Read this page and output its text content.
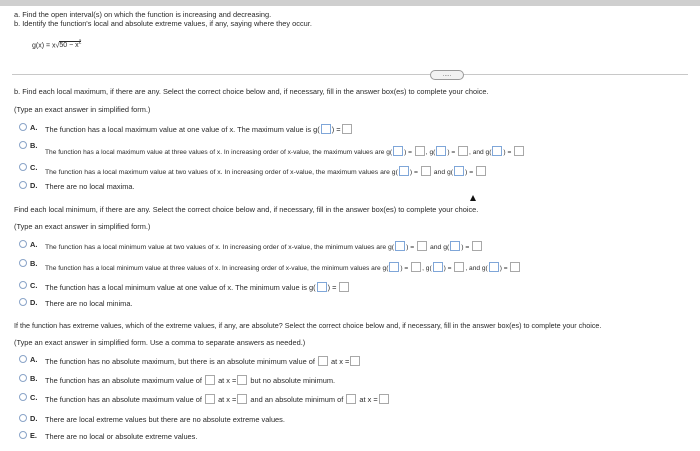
a. Find the open interval(s) on which the function is increasing and decreasing.
b. Identify the function's local and absolute extreme values, if any, saying where they occur.
$g(x) = x√50 - x^2$
.....
b. Find each local maximum, if there are any. Select the correct choice below and, if necessary, fill in the answer box(es) to complete your choice.
(Type an exact answer in simplified form.)
A. The function has a local maximum value at one value of x. The maximum value is g( ) =
B.
The function has a local maximum value at three values of x. In increasing order of x-value, the maximum values are g( ) = , g( ) = , and g( ) =
C.
The function has a local maximum value at two values of x. In increasing order of x-value, the maximum values are g( ) =  and g( ) =
D. There are no local maxima.
Find each local minimum, if there are any. Select the correct choice below and, if necessary, fill in the answer box(es) to complete your choice.
(Type an exact answer in simplified form.)
A. The function has a local minimum value at two values of x. In increasing order of x-value, the minimum values are g( ) =  and g( ) =
B.
The function has a local minimum value at three values of x. In increasing order of x-value, the minimum values are g( ) = , g( ) = , and g( ) =
C. The function has a local minimum value at one value of x. The minimum value is g( ) =
D. There are no local minima.
If the function has extreme values, which of the extreme values, if any, are absolute? Select the correct choice below and, if necessary, fill in the answer box(es) to complete your choice.
(Type an exact answer in simplified form. Use a comma to separate answers as needed.)
A. The function has no absolute maximum, but there is an absolute minimum value of at x =
B. The function has an absolute maximum value of at x = but no absolute minimum.
C. The function has an absolute maximum value of at x = and an absolute minimum of at x =
D. There are local extreme values but there are no absolute extreme values.
E. There are no local or absolute extreme values.
